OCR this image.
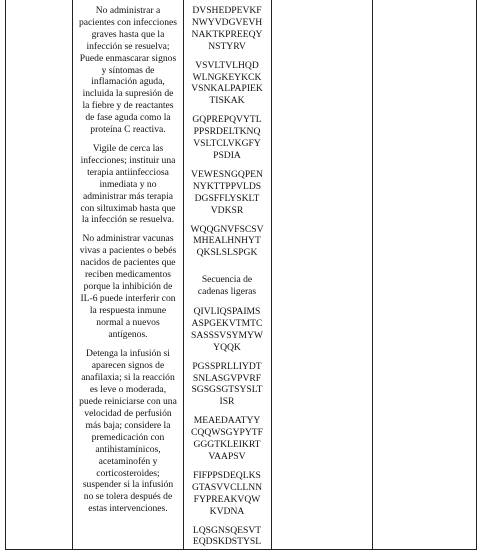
No administrar a
pacientes con infecciones
graves hasta que la
infección se resuelva;
Puede enmascarar signos
y síntomas de
inflamación aguda,
incluida la supresión de
la fiebre y de reactantes
de fase aguda como la
proteína C reactiva.

Vigile de cerca las
infecciones; instituir una
terapia antiinfecciosa
inmediata y no
administrar más terapia
con siltuximab hasta que
la infección se resuelva.

No administrar vacunas
vivas a pacientes o bebés
nacidos de pacientes que
reciben medicamentos
porque la inhibición de
IL-6 puede interferir con
la respuesta inmune
normal a nuevos
antígenos.

Detenga la infusión si
aparecen signos de
anafilaxia; si la reacción
es leve o moderada,
puede reiniciarse con una
velocidad de perfusión
más baja; considere la
premedicación con
antihistamínicos,
acetaminofén y
corticosteroides;
suspender si la infusión
no se tolera después de
estas intervenciones.

DVSHEDPEVKF
NWYVDGVEVH
NAKTKPREEQY
NSTYRV

VSVLTVLHQD
WLNGKEYKCK
VSNKALPAPIEK
TISKAK

GQPREPQVYTL
PPSRDELTKNQ
VSLTCLVKGFY
PSDIA

VEWESNGQPEN
NYKTTPPVLDS
DGSFFLYSKLT
VDKSR

WQQGNVFSCSV
MHEALHNHYT
QKSLSLSPGK

Secuencia de
cadenas ligeras

QIVLIQSPAIMS
ASPGEKVTMTC
SASSSVSYMYW
YQQK

PGSSPRLLIYDT
SNLASGVPVRF
SGSGSGTSYSLT
ISR

MEAEDAATYY
CQQWSGYPYTF
GGGTKLEIKRT
VAAPSV

FIFPPSDEQLKS
GTASVVCLLNN
FYPREAKVQW
KVDNA

LQSGNSQESVT
EQDSKDSTYSL
